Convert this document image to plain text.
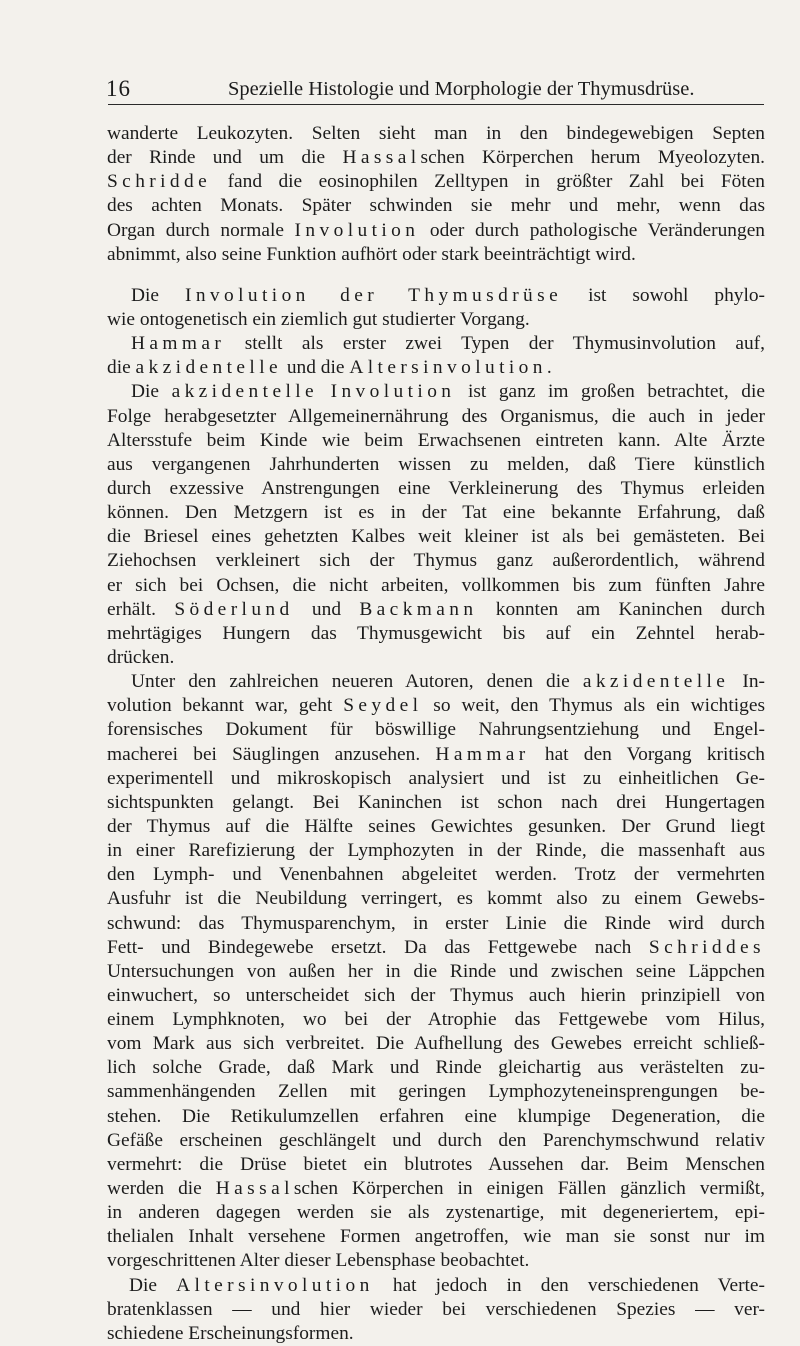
16	Spezielle Histologie und Morphologie der Thymusdrüse.
wanderte Leukozyten. Selten sieht man in den bindegewebigen Septen
der Rinde und um die Hassalschen Körperchen herum Myeolozyten.
Schridde fand die eosinophilen Zelltypen in größter Zahl bei Föten
des achten Monats. Später schwinden sie mehr und mehr, wenn das
Organ durch normale Involution oder durch pathologische Veränderungen
abnimmt, also seine Funktion aufhört oder stark beeinträchtigt wird.
Die Involution der Thymusdrüse ist sowohl phylo-
wie ontogenetisch ein ziemlich gut studierter Vorgang.
Hammar stellt als erster zwei Typen der Thymusinvolution auf,
die akzidentelle und die Altersinvolution.
Die akzidentelle Involution ist ganz im großen betrachtet, die
Folge herabgesetzter Allgemeinernährung des Organismus, die auch in jeder
Altersstufe beim Kinde wie beim Erwachsenen eintreten kann. Alte Ärzte
aus vergangenen Jahrhunderten wissen zu melden, daß Tiere künstlich
durch exzessive Anstrengungen eine Verkleinerung des Thymus erleiden
können. Den Metzgern ist es in der Tat eine bekannte Erfahrung, daß
die Briesel eines gehetzten Kalbes weit kleiner ist als bei gemästeten. Bei
Ziehochsen verkleinert sich der Thymus ganz außerordentlich, während
er sich bei Ochsen, die nicht arbeiten, vollkommen bis zum fünften Jahre
erhält. Söderlund und Backmann konnten am Kaninchen durch
mehrtägiges Hungern das Thymusgewicht bis auf ein Zehntel herab-
drücken.
Unter den zahlreichen neueren Autoren, denen die akzidentelle In-
volution bekannt war, geht Seydel so weit, den Thymus als ein wichtiges
forensisches Dokument für böswillige Nahrungsentziehung und Engel-
macherei bei Säuglingen anzusehen. Hammar hat den Vorgang kritisch
experimentell und mikroskopisch analysiert und ist zu einheitlichen Ge-
sichtspunkten gelangt. Bei Kaninchen ist schon nach drei Hungertagen
der Thymus auf die Hälfte seines Gewichtes gesunken. Der Grund liegt
in einer Rarefizierung der Lymphozyten in der Rinde, die massenhaft aus
den Lymph- und Venenbahnen abgeleitet werden. Trotz der vermehrten
Ausfuhr ist die Neubildung verringert, es kommt also zu einem Gewebs-
schwund: das Thymusparenchym, in erster Linie die Rinde wird durch
Fett- und Bindegewebe ersetzt. Da das Fettgewebe nach Schriddes
Untersuchungen von außen her in die Rinde und zwischen seine Läppchen
einwuchert, so unterscheidet sich der Thymus auch hierin prinzipiell von
einem Lymphknoten, wo bei der Atrophie das Fettgewebe vom Hilus,
vom Mark aus sich verbreitet. Die Aufhellung des Gewebes erreicht schließ-
lich solche Grade, daß Mark und Rinde gleichartig aus verästelten zu-
sammenhängenden Zellen mit geringen Lymphozyteneinsprengungen be-
stehen. Die Retikulumzellen erfahren eine klumpige Degeneration, die
Gefäße erscheinen geschlängelt und durch den Parenchymschwund relativ
vermehrt: die Drüse bietet ein blutrotes Aussehen dar. Beim Menschen
werden die Hassalschen Körperchen in einigen Fällen gänzlich vermißt,
in anderen dagegen werden sie als zystenartige, mit degeneriertem, epi-
thelialen Inhalt versehene Formen angetroffen, wie man sie sonst nur im
vorgeschrittenen Alter dieser Lebensphase beobachtet.
Die Altersinvolution hat jedoch in den verschiedenen Verte-
bratenklassen — und hier wieder bei verschiedenen Spezies — ver-
schiedene Erscheinungsformen.
